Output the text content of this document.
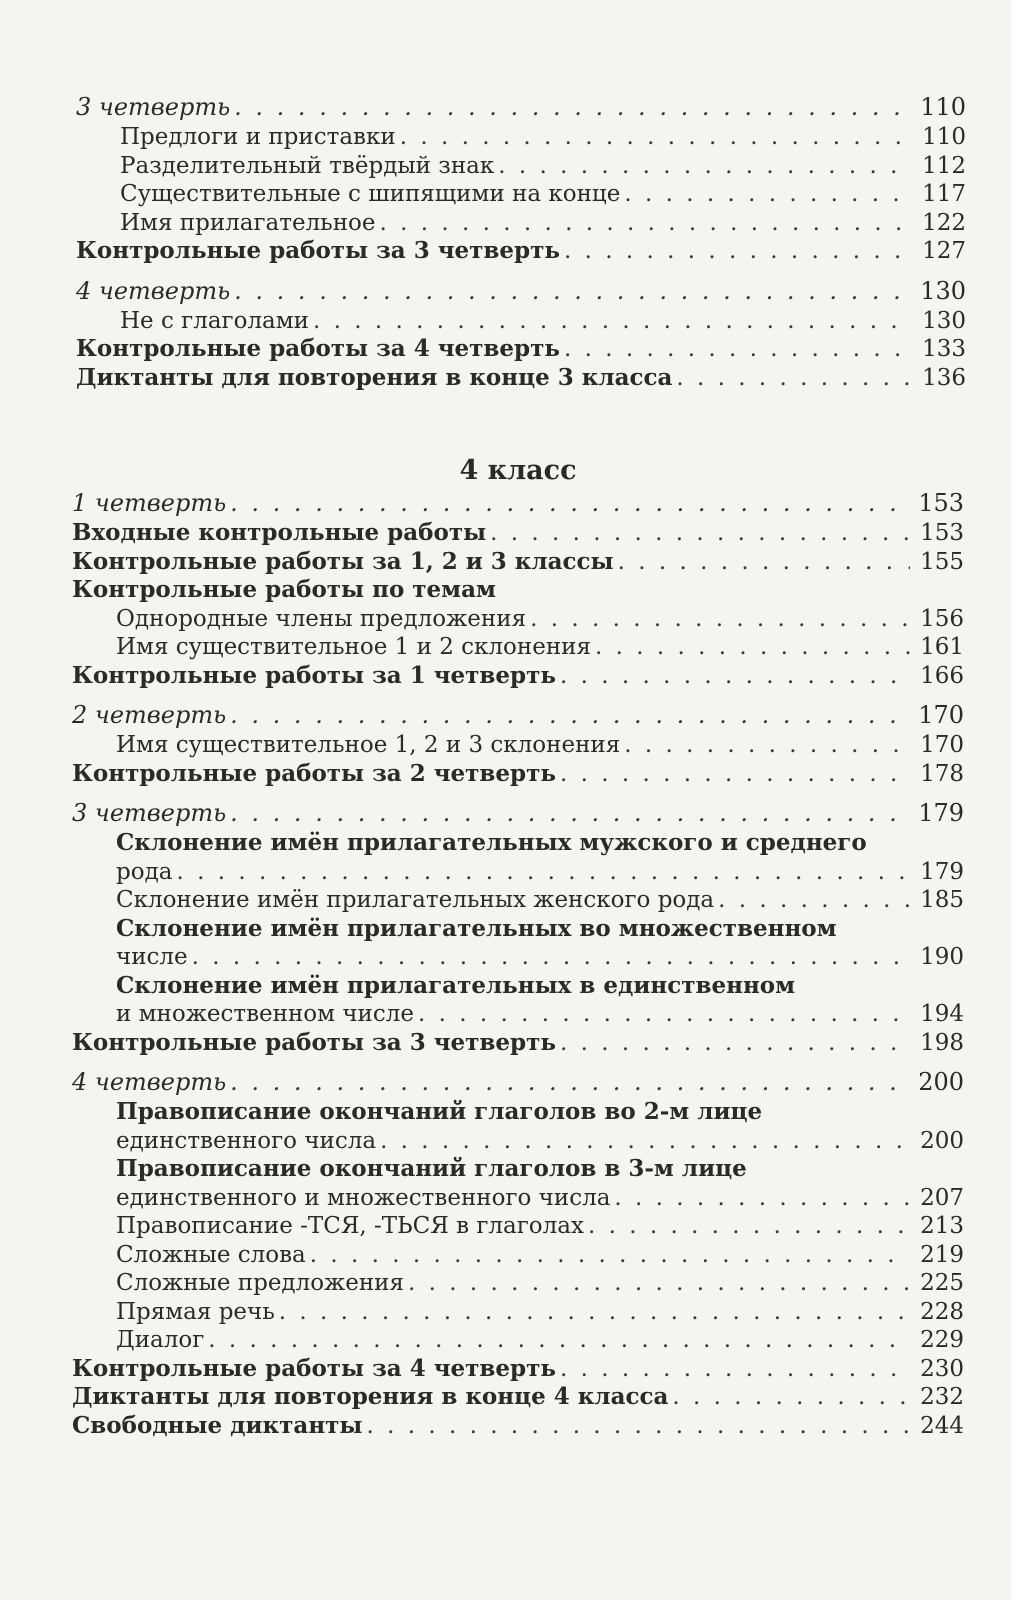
3 четверть . . .	110
Предлоги и приставки . . .	110
Разделительный твёрдый знак . . .	112
Существительные с шипящими на конце . . .	117
Имя прилагательное . . .	122
Контрольные работы за 3 четверть . . .	127
4 четверть . . .	130
Не с глаголами . . .	130
Контрольные работы за 4 четверть . . .	133
Диктанты для повторения в конце 3 класса . . .	136
4 класс
1 четверть . . .	153
Входные контрольные работы . . .	153
Контрольные работы за 1, 2 и 3 классы . . .	155
Контрольные работы по темам
Однородные члены предложения . . .	156
Имя существительное 1 и 2 склонения . . .	161
Контрольные работы за 1 четверть . . .	166
2 четверть . . .	170
Имя существительное 1, 2 и 3 склонения . . .	170
Контрольные работы за 2 четверть . . .	178
3 четверть . . .	179
Склонение имён прилагательных мужского и среднего
рода . . .	179
Склонение имён прилагательных женского рода . . .	185
Склонение имён прилагательных во множественном
числе . . .	190
Склонение имён прилагательных в единственном
и множественном числе . . .	194
Контрольные работы за 3 четверть . . .	198
4 четверть . . .	200
Правописание окончаний глаголов во 2-м лице
единственного числа . . .	200
Правописание окончаний глаголов в 3-м лице
единственного и множественного числа . . .	207
Правописание -ТСЯ, -ТЬСЯ в глаголах . . .	213
Сложные слова . . .	219
Сложные предложения . . .	225
Прямая речь . . .	228
Диалог . . .	229
Контрольные работы за 4 четверть . . .	230
Диктанты для повторения в конце 4 класса . . .	232
Свободные диктанты . . .	244
